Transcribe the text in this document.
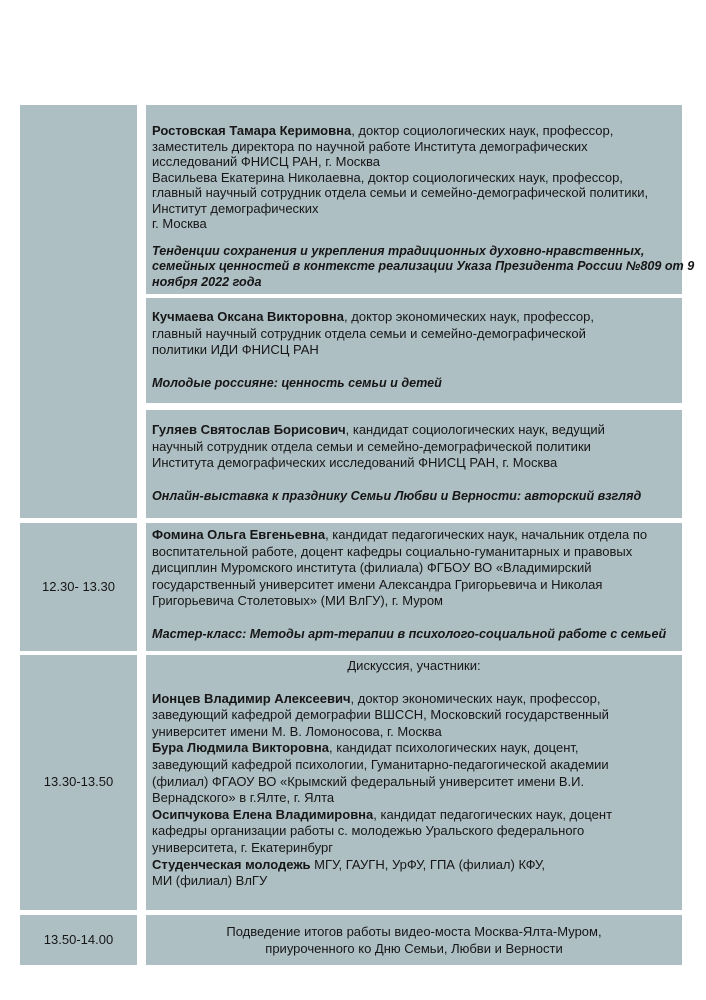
Ростовская Тамара Керимовна, доктор социологических наук, профессор,
заместитель директора по научной работе Института демографических
исследований ФНИСЦ РАН, г. Москва
Васильева Екатерина Николаевна, доктор социологических наук, профессор,
главный научный сотрудник отдела семьи и семейно-демографической политики,
Институт демографических
г. Москва
Тенденции сохранения и укрепления традиционных духовно-нравственных,
семейных ценностей в контексте реализации Указа Президента России №809 от 9
ноября 2022 года
Кучмаева Оксана Викторовна, доктор экономических наук, профессор,
главный научный сотрудник отдела семьи и семейно-демографической
политики ИДИ ФНИСЦ РАН
Молодые россияне: ценность семьи и детей
Гуляев Святослав Борисович, кандидат социологических наук, ведущий
научный сотрудник отдела семьи и семейно-демографической политики
Института демографических исследований ФНИСЦ РАН, г. Москва
Онлайн-выставка к празднику Семьи Любви и Верности: авторский взгляд
12.30- 13.30
Фомина Ольга Евгеньевна, кандидат педагогических наук, начальник отдела по
воспитательной работе, доцент кафедры социально-гуманитарных и правовых
дисциплин Муромского института (филиала) ФГБОУ ВО «Владимирский
государственный университет имени Александра Григорьевича и Николая
Григорьевича Столетовых» (МИ ВлГУ), г. Муром
Мастер-класс: Методы арт-терапии в психолого-социальной работе с семьей
13.30-13.50
Дискуссия, участники:
Ионцев Владимир Алексеевич, доктор экономических наук, профессор,
заведующий кафедрой демографии ВШССН, Московский государственный
университет имени М. В. Ломоносова, г. Москва
Бура Людмила Викторовна, кандидат психологических наук, доцент,
заведующий кафедрой психологии, Гуманитарно-педагогической академии
(филиал) ФГАОУ ВО «Крымский федеральный университет имени В.И.
Вернадского» в г.Ялте, г. Ялта
Осипчукова Елена Владимировна, кандидат педагогических наук, доцент
кафедры организации работы с. молодежью Уральского федерального
университета, г. Екатеринбург
Студенческая молодежь МГУ, ГАУГН, УрФУ, ГПА (филиал) КФУ,
МИ (филиал) ВлГУ
13.50-14.00
Подведение итогов работы видео-моста Москва-Ялта-Муром,
приуроченного ко Дню Семьи, Любви и Верности
